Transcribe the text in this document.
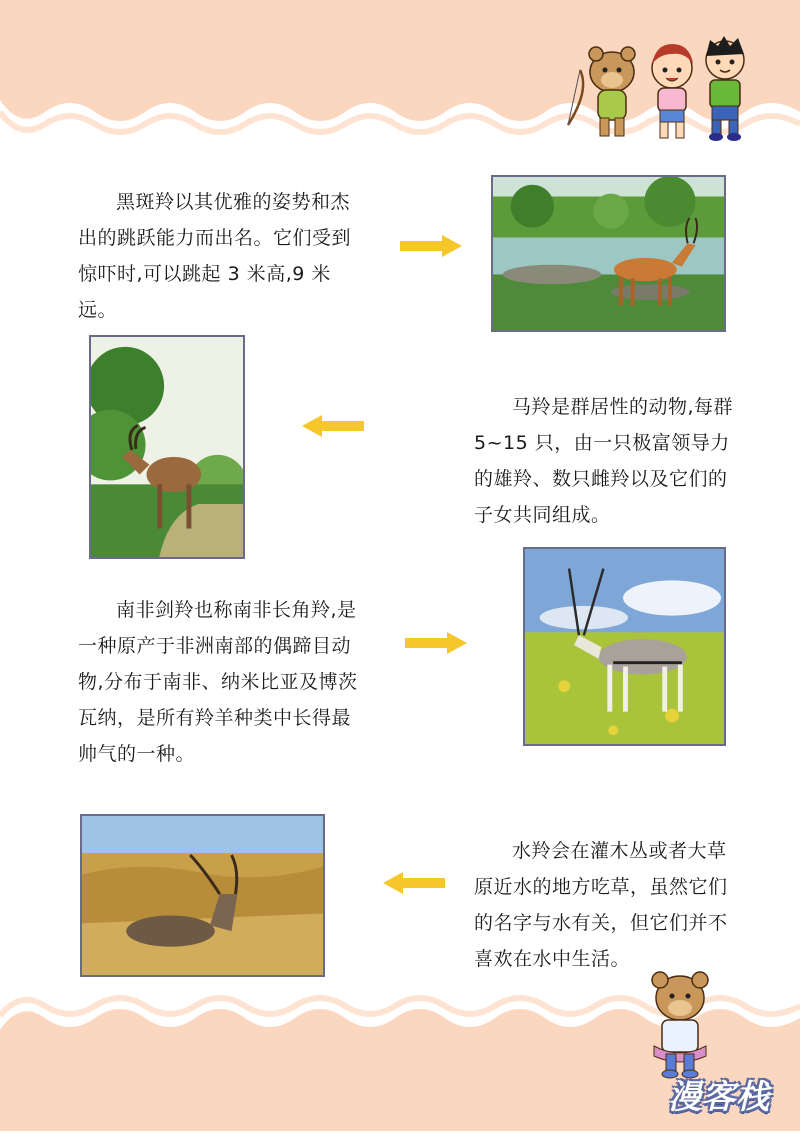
黑斑羚以其优雅的姿势和杰出的跳跃能力而出名。它们受到惊吓时,可以跳起 3 米高,9 米远。

马羚是群居性的动物,每群 5~15 只，由一只极富领导力的雄羚、数只雌羚以及它们的子女共同组成。

南非剑羚也称南非长角羚,是一种原产于非洲南部的偶蹄目动物,分布于南非、纳米比亚及博茨瓦纳，是所有羚羊种类中长得最帅气的一种。

水羚会在灌木丛或者大草原近水的地方吃草，虽然它们的名字与水有关，但它们并不喜欢在水中生活。

漫客栈
